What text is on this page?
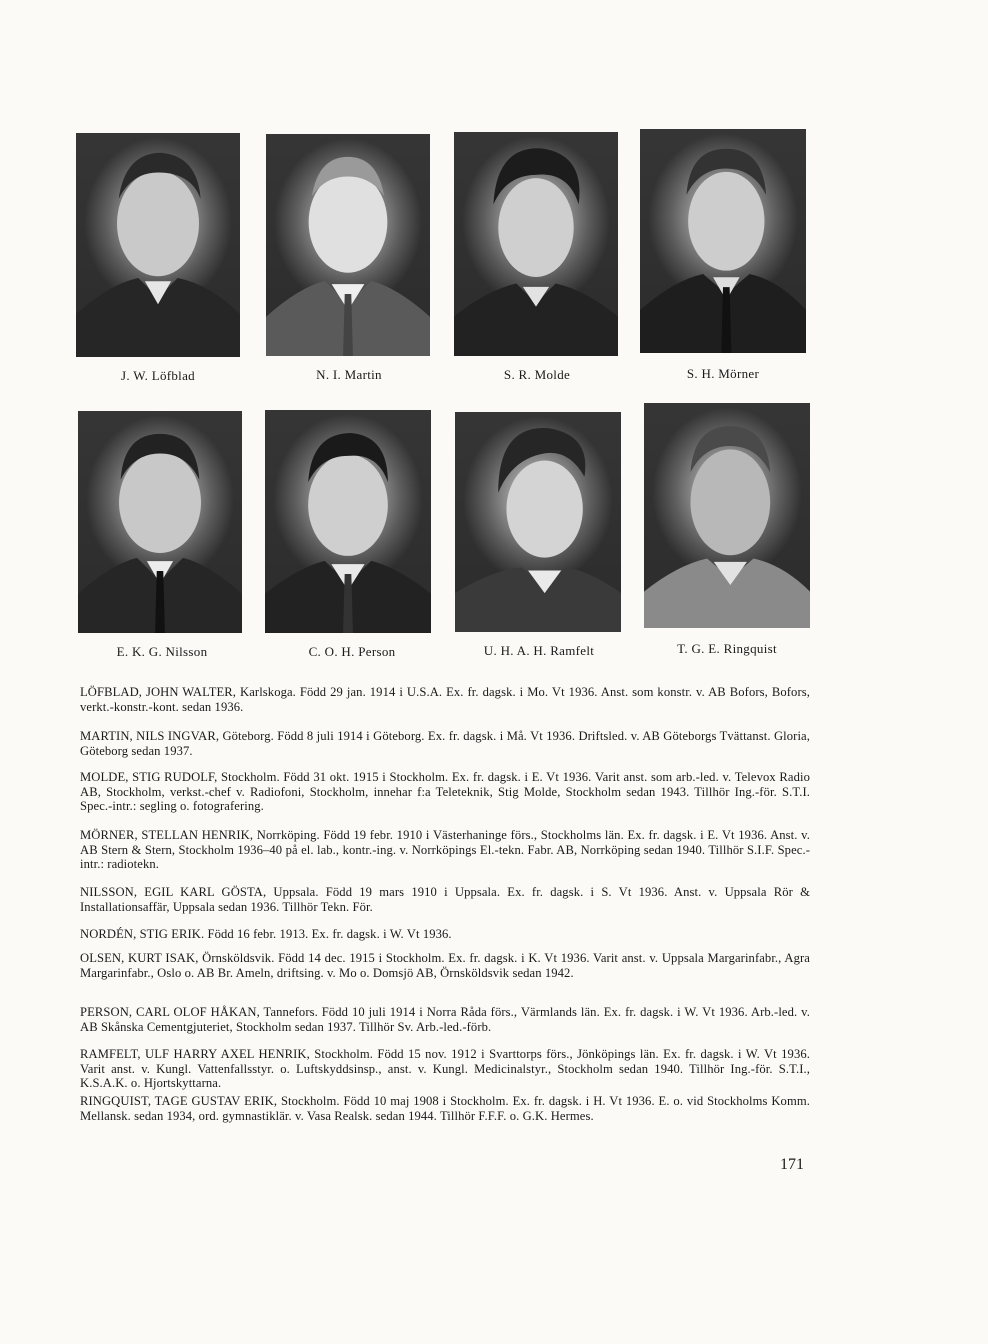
J. W. Löfblad	N. I. Martin	S. R. Molde	S. H. Mörner
E. K. G. Nilsson	C. O. H. Person	U. H. A. H. Ramfelt	T. G. E. Ringquist
LÖFBLAD, JOHN WALTER, Karlskoga. Född 29 jan. 1914 i U.S.A. Ex. fr. dagsk. i Mo. Vt 1936. Anst. som konstr. v. AB Bofors, Bofors, verkt.-konstr.-kont. sedan 1936.
MARTIN, NILS INGVAR, Göteborg. Född 8 juli 1914 i Göteborg. Ex. fr. dagsk. i Må. Vt 1936. Driftsled. v. AB Göteborgs Tvättanst. Gloria, Göteborg sedan 1937.
MOLDE, STIG RUDOLF, Stockholm. Född 31 okt. 1915 i Stockholm. Ex. fr. dagsk. i E. Vt 1936. Varit anst. som arb.-led. v. Televox Radio AB, Stockholm, verkst.-chef v. Radiofoni, Stockholm, innehar f:a Teleteknik, Stig Molde, Stockholm sedan 1943. Tillhör Ing.-för. S.T.I. Spec.-intr.: segling o. fotografering.
MÖRNER, STELLAN HENRIK, Norrköping. Född 19 febr. 1910 i Västerhaninge förs., Stockholms län. Ex. fr. dagsk. i E. Vt 1936. Anst. v. AB Stern & Stern, Stockholm 1936–40 på el. lab., kontr.-ing. v. Norrköpings El.-tekn. Fabr. AB, Norrköping sedan 1940. Tillhör S.I.F. Spec.-intr.: radiotekn.
NILSSON, EGIL KARL GÖSTA, Uppsala. Född 19 mars 1910 i Uppsala. Ex. fr. dagsk. i S. Vt 1936. Anst. v. Uppsala Rör & Installationsaffär, Uppsala sedan 1936. Tillhör Tekn. För.
NORDÉN, STIG ERIK. Född 16 febr. 1913. Ex. fr. dagsk. i W. Vt 1936.
OLSEN, KURT ISAK, Örnsköldsvik. Född 14 dec. 1915 i Stockholm. Ex. fr. dagsk. i K. Vt 1936. Varit anst. v. Uppsala Margarinfabr., Agra Margarinfabr., Oslo o. AB Br. Ameln, driftsing. v. Mo o. Domsjö AB, Örnsköldsvik sedan 1942.
PERSON, CARL OLOF HÅKAN, Tannefors. Född 10 juli 1914 i Norra Råda förs., Värmlands län. Ex. fr. dagsk. i W. Vt 1936. Arb.-led. v. AB Skånska Cementgjuteriet, Stockholm sedan 1937. Tillhör Sv. Arb.-led.-förb.
RAMFELT, ULF HARRY AXEL HENRIK, Stockholm. Född 15 nov. 1912 i Svarttorps förs., Jönköpings län. Ex. fr. dagsk. i W. Vt 1936. Varit anst. v. Kungl. Vattenfallsstyr. o. Luftskyddsinsp., anst. v. Kungl. Medicinalstyr., Stockholm sedan 1940. Tillhör Ing.-för. S.T.I., K.S.A.K. o. Hjortskyttarna.
RINGQUIST, TAGE GUSTAV ERIK, Stockholm. Född 10 maj 1908 i Stockholm. Ex. fr. dagsk. i H. Vt 1936. E. o. vid Stockholms Komm. Mellansk. sedan 1934, ord. gymnastiklär. v. Vasa Realsk. sedan 1944. Tillhör F.F.F. o. G.K. Hermes.
171
